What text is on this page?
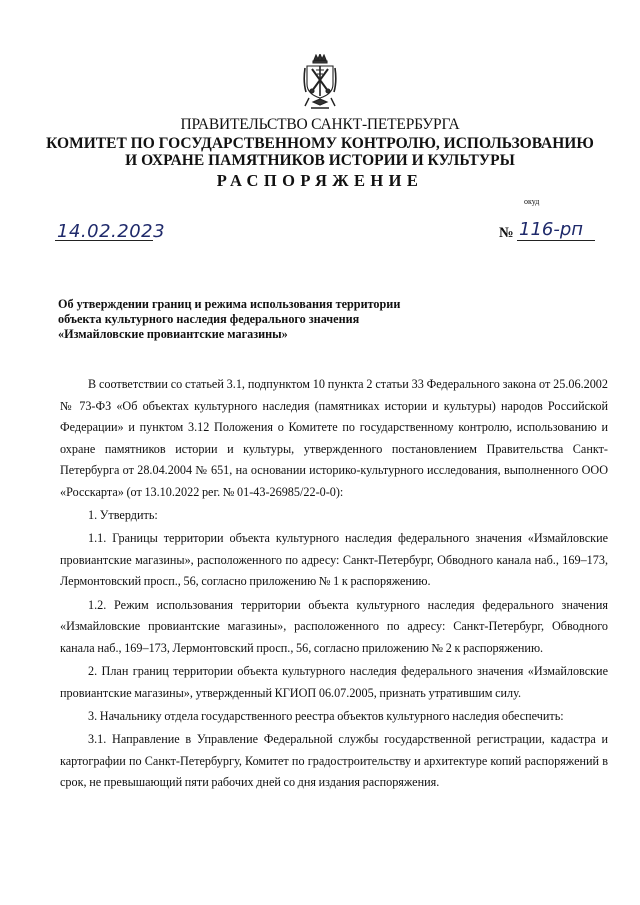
ПРАВИТЕЛЬСТВО САНКТ-ПЕТЕРБУРГА
КОМИТЕТ ПО ГОСУДАРСТВЕННОМУ КОНТРОЛЮ, ИСПОЛЬЗОВАНИЮ
И ОХРАНЕ ПАМЯТНИКОВ ИСТОРИИ И КУЛЬТУРЫ
РАСПОРЯЖЕНИЕ
окуд
14.02.2023	№ 116-рп
Об утверждении границ и режима использования территории
объекта культурного наследия федерального значения
«Измайловские провиантские магазины»

В соответствии со статьей 3.1, подпунктом 10 пункта 2 статьи 33 Федерального закона от 25.06.2002 № 73-ФЗ «Об объектах культурного наследия (памятниках истории и культуры) народов Российской Федерации» и пунктом 3.12 Положения о Комитете по государственному контролю, использованию и охране памятников истории и культуры, утвержденного постановлением Правительства Санкт-Петербурга от 28.04.2004 № 651, на основании историко-культурного исследования, выполненного ООО «Росскарта» (от 13.10.2022 рег. № 01-43-26985/22-0-0):

1. Утвердить:

1.1. Границы территории объекта культурного наследия федерального значения «Измайловские провиантские магазины», расположенного по адресу: Санкт-Петербург, Обводного канала наб., 169–173, Лермонтовский просп., 56, согласно приложению № 1 к распоряжению.

1.2. Режим использования территории объекта культурного наследия федерального значения «Измайловские провиантские магазины», расположенного по адресу: Санкт-Петербург, Обводного канала наб., 169–173, Лермонтовский просп., 56, согласно приложению № 2 к распоряжению.

2. План границ территории объекта культурного наследия федерального значения «Измайловские провиантские магазины», утвержденный КГИОП 06.07.2005, признать утратившим силу.

3. Начальнику отдела государственного реестра объектов культурного наследия обеспечить:

3.1. Направление в Управление Федеральной службы государственной регистрации, кадастра и картографии по Санкт-Петербургу, Комитет по градостроительству и архитектуре копий распоряжений в срок, не превышающий пяти рабочих дней со дня издания распоряжения.
